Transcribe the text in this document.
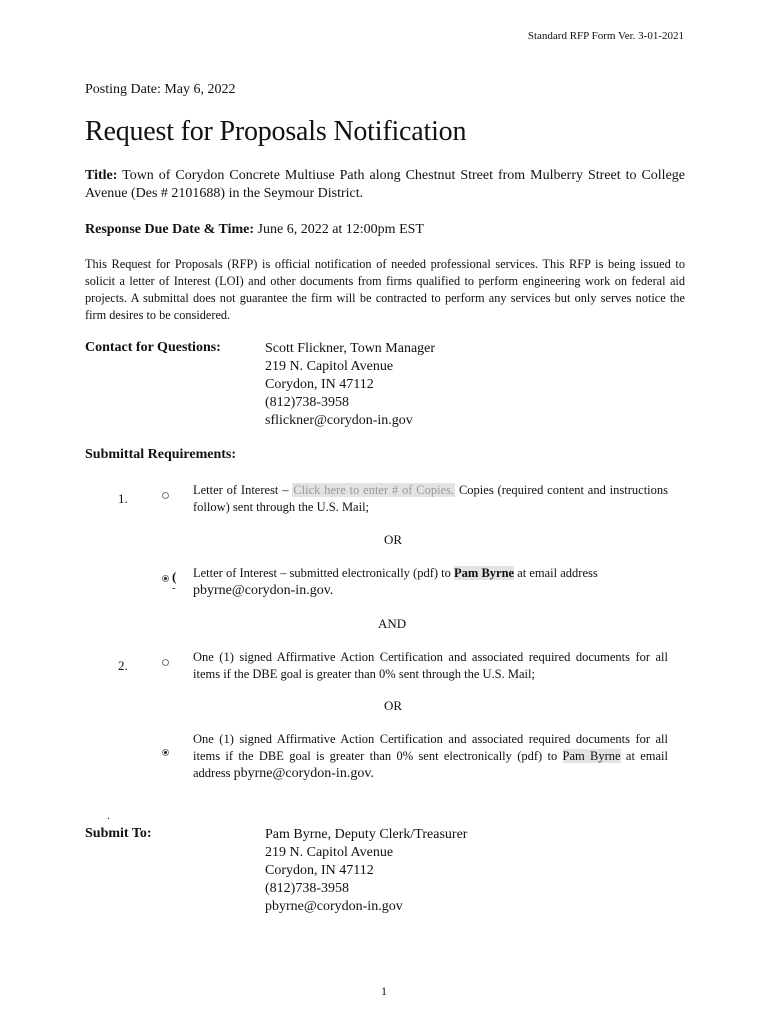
Standard RFP Form Ver. 3-01-2021
Posting Date: May 6, 2022
Request for Proposals Notification
Title: Town of Corydon Concrete Multiuse Path along Chestnut Street from Mulberry Street to College Avenue (Des # 2101688) in the Seymour District.
Response Due Date & Time: June 6, 2022 at 12:00pm EST
This Request for Proposals (RFP) is official notification of needed professional services. This RFP is being issued to solicit a letter of Interest (LOI) and other documents from firms qualified to perform engineering work on federal aid projects. A submittal does not guarantee the firm will be contracted to perform any services but only serves notice the firm desires to be considered.
Contact for Questions:	Scott Flickner, Town Manager
219 N. Capitol Avenue
Corydon, IN 47112
(812)738-3958
sflickner@corydon-in.gov
Submittal Requirements:
1.
Letter of Interest – Click here to enter # of Copies. Copies (required content and instructions follow) sent through the U.S. Mail;
OR
(
-
Letter of Interest – submitted electronically (pdf) to Pam Byrne at email address
pbyrne@corydon-in.gov.
AND
2.
One (1) signed Affirmative Action Certification and associated required documents for all items if the DBE goal is greater than 0% sent through the U.S. Mail;
OR
One (1) signed Affirmative Action Certification and associated required documents for all items if the DBE goal is greater than 0% sent electronically (pdf) to Pam Byrne at email address pbyrne@corydon-in.gov.
.
Submit To:	Pam Byrne, Deputy Clerk/Treasurer
219 N. Capitol Avenue
Corydon, IN 47112
(812)738-3958
pbyrne@corydon-in.gov
1
